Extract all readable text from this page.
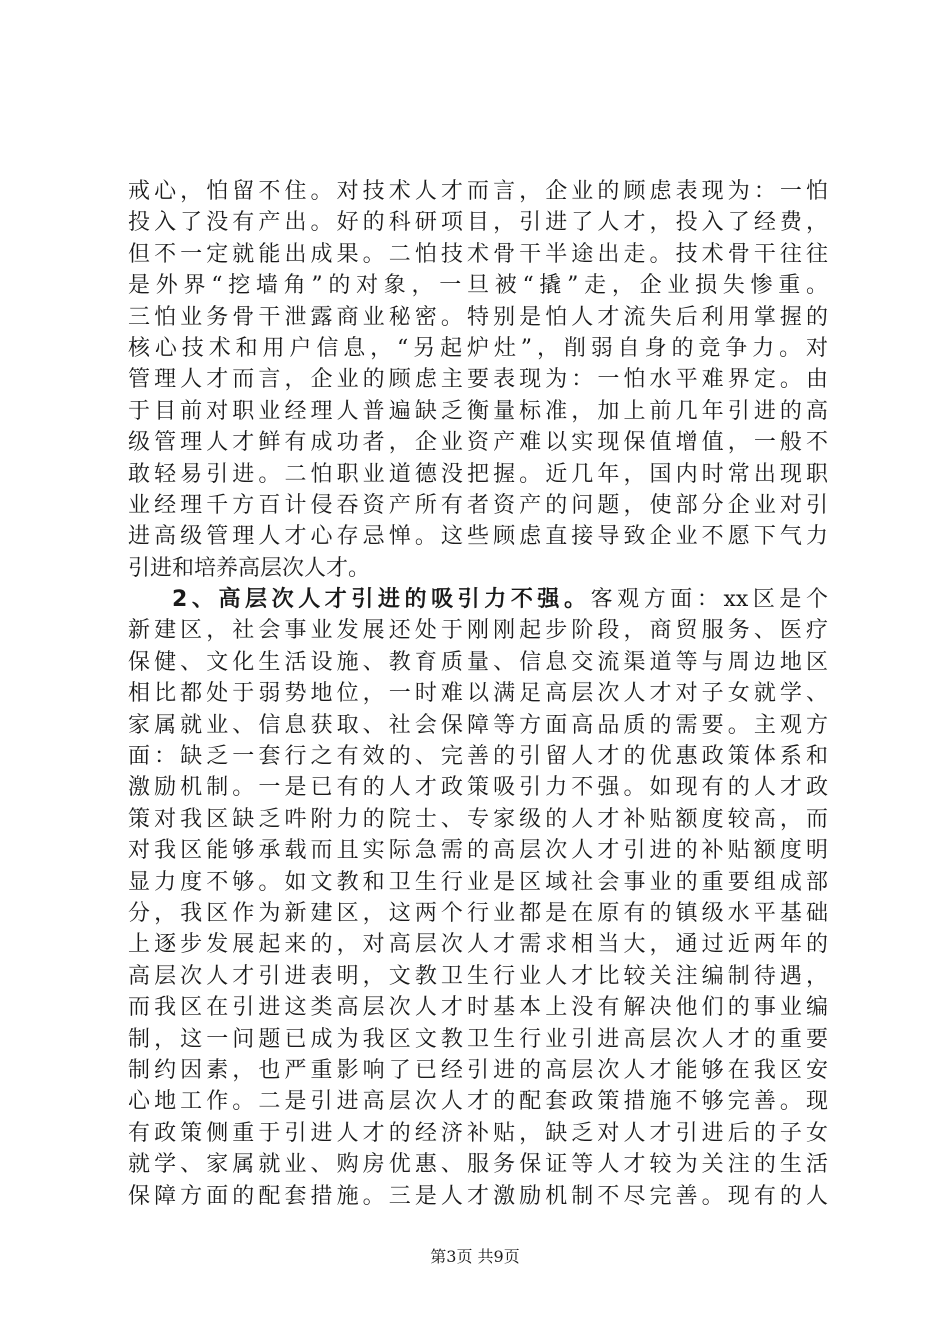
戒心，怕留不住。对技术人才而言，企业的顾虑表现为：一怕
投入了没有产出。好的科研项目，引进了人才，投入了经费，
但不一定就能出成果。二怕技术骨干半途出走。技术骨干往往
是外界“挖墙角”的对象，一旦被“撬”走，企业损失惨重。
三怕业务骨干泄露商业秘密。特别是怕人才流失后利用掌握的
核心技术和用户信息，“另起炉灶”，削弱自身的竞争力。对
管理人才而言，企业的顾虑主要表现为：一怕水平难界定。由
于目前对职业经理人普遍缺乏衡量标准，加上前几年引进的高
级管理人才鲜有成功者，企业资产难以实现保值增值，一般不
敢轻易引进。二怕职业道德没把握。近几年，国内时常出现职
业经理千方百计侵吞资产所有者资产的问题，使部分企业对引
进高级管理人才心存忌惮。这些顾虑直接导致企业不愿下气力
引进和培养高层次人才。
2、高层次人才引进的吸引力不强。客观方面：xx区是个
新建区，社会事业发展还处于刚刚起步阶段，商贸服务、医疗
保健、文化生活设施、教育质量、信息交流渠道等与周边地区
相比都处于弱势地位，一时难以满足高层次人才对子女就学、
家属就业、信息获取、社会保障等方面高品质的需要。主观方
面：缺乏一套行之有效的、完善的引留人才的优惠政策体系和
激励机制。一是已有的人才政策吸引力不强。如现有的人才政
策对我区缺乏吽附力的院士、专家级的人才补贴额度较高，而
对我区能够承载而且实际急需的高层次人才引进的补贴额度明
显力度不够。如文教和卫生行业是区域社会事业的重要组成部
分，我区作为新建区，这两个行业都是在原有的镇级水平基础
上逐步发展起来的，对高层次人才需求相当大，通过近两年的
高层次人才引进表明，文教卫生行业人才比较关注编制待遇，
而我区在引进这类高层次人才时基本上没有解决他们的事业编
制，这一问题已成为我区文教卫生行业引进高层次人才的重要
制约因素，也严重影响了已经引进的高层次人才能够在我区安
心地工作。二是引进高层次人才的配套政策措施不够完善。现
有政策侧重于引进人才的经济补贴，缺乏对人才引进后的子女
就学、家属就业、购房优惠、服务保证等人才较为关注的生活
保障方面的配套措施。三是人才激励机制不尽完善。现有的人
第3页 共9页
